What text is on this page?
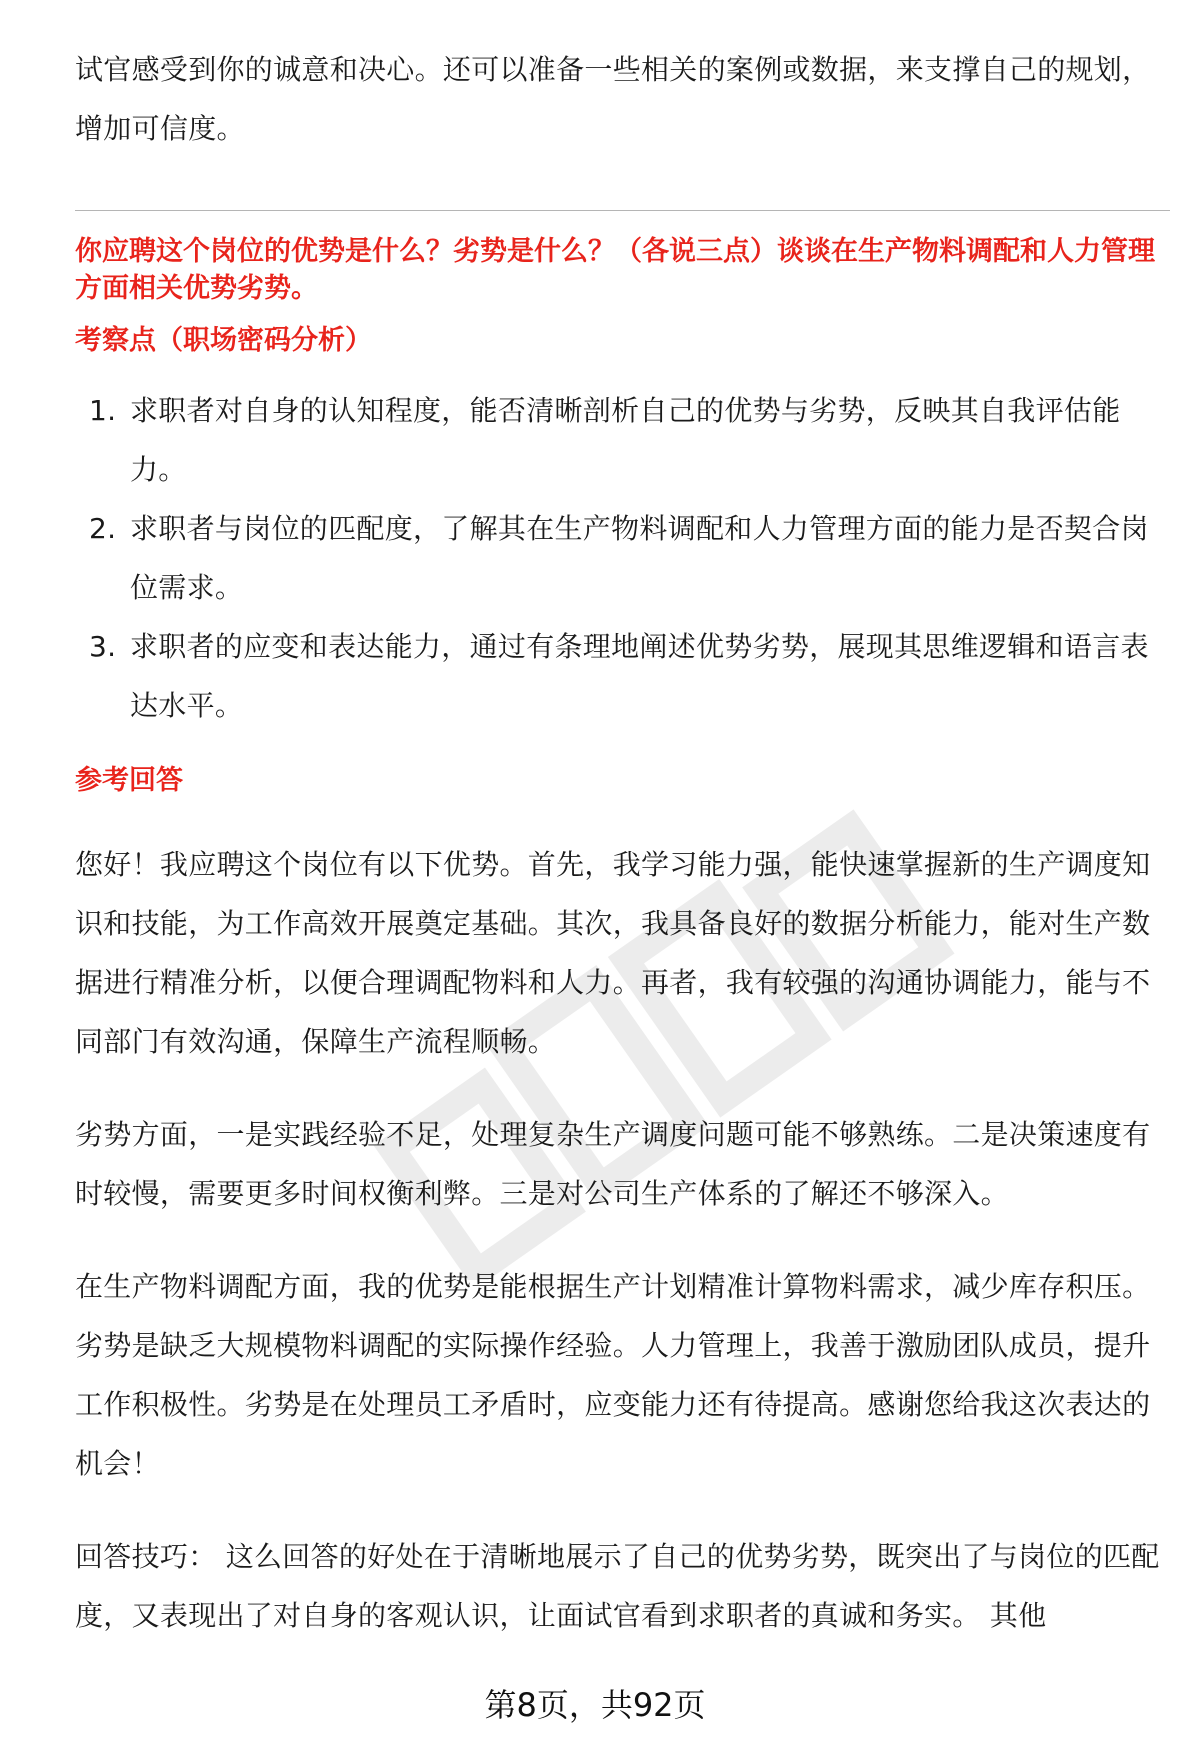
试官感受到你的诚意和决心。还可以准备一些相关的案例或数据，来支撑自己的规划，增加可信度。

你应聘这个岗位的优势是什么？劣势是什么？（各说三点）谈谈在生产物料调配和人力管理方面相关优势劣势。

考察点（职场密码分析）

1. 求职者对自身的认知程度，能否清晰剖析自己的优势与劣势，反映其自我评估能力。
2. 求职者与岗位的匹配度，了解其在生产物料调配和人力管理方面的能力是否契合岗位需求。
3. 求职者的应变和表达能力，通过有条理地阐述优势劣势，展现其思维逻辑和语言表达水平。

参考回答

您好！我应聘这个岗位有以下优势。首先，我学习能力强，能快速掌握新的生产调度知识和技能，为工作高效开展奠定基础。其次，我具备良好的数据分析能力，能对生产数据进行精准分析，以便合理调配物料和人力。再者，我有较强的沟通协调能力，能与不同部门有效沟通，保障生产流程顺畅。

劣势方面，一是实践经验不足，处理复杂生产调度问题可能不够熟练。二是决策速度有时较慢，需要更多时间权衡利弊。三是对公司生产体系的了解还不够深入。

在生产物料调配方面，我的优势是能根据生产计划精准计算物料需求，减少库存积压。劣势是缺乏大规模物料调配的实际操作经验。人力管理上，我善于激励团队成员，提升工作积极性。劣势是在处理员工矛盾时，应变能力还有待提高。感谢您给我这次表达的机会！

回答技巧： 这么回答的好处在于清晰地展示了自己的优势劣势，既突出了与岗位的匹配度，又表现出了对自身的客观认识，让面试官看到求职者的真诚和务实。 其他

第8页，共92页
